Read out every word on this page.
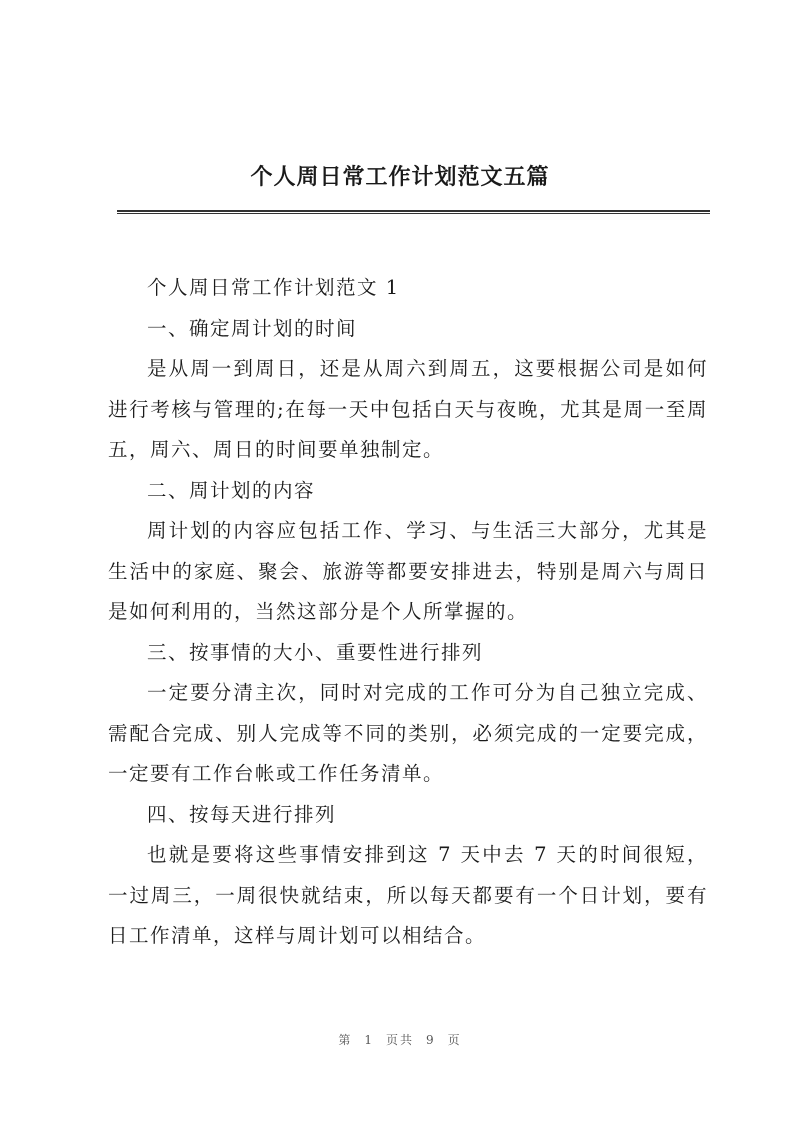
个人周日常工作计划范文五篇

个人周日常工作计划范文 1

一、确定周计划的时间

是从周一到周日，还是从周六到周五，这要根据公司是如何进行考核与管理的;在每一天中包括白天与夜晚，尤其是周一至周五，周六、周日的时间要单独制定。

二、周计划的内容

周计划的内容应包括工作、学习、与生活三大部分，尤其是生活中的家庭、聚会、旅游等都要安排进去，特别是周六与周日是如何利用的，当然这部分是个人所掌握的。

三、按事情的大小、重要性进行排列

一定要分清主次，同时对完成的工作可分为自己独立完成、需配合完成、别人完成等不同的类别，必须完成的一定要完成，一定要有工作台帐或工作任务清单。

四、按每天进行排列

也就是要将这些事情安排到这 7 天中去 7 天的时间很短，一过周三，一周很快就结束，所以每天都要有一个日计划，要有日工作清单，这样与周计划可以相结合。

第 1 页共 9 页
